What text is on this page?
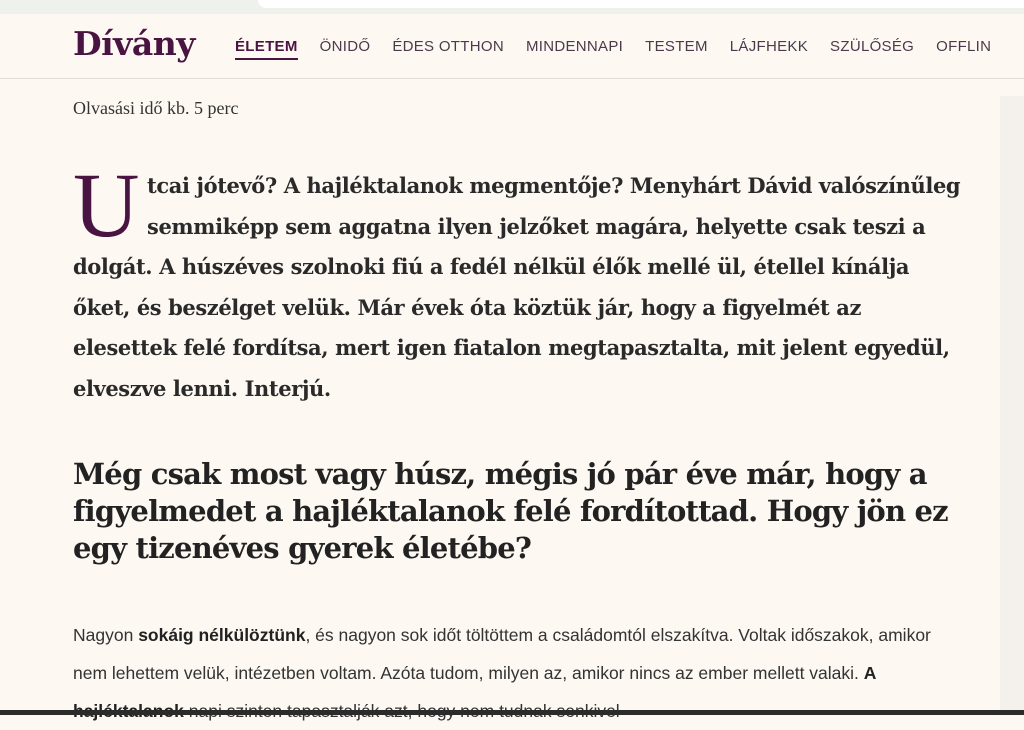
Dívány	ÉLETEM ÖNIDŐ ÉDES OTTHON MINDENNAPI TESTEM LÁJFHEKK SZÜLŐSÉG OFFLIN
Olvasási idő kb. 5 perc
Utcai jótevő? A hajléktalanok megmentője? Menyhárt Dávid valószínűleg semmiképp sem aggatna ilyen jelzőket magára, helyette csak teszi a dolgát. A húszéves szolnoki fiú a fedél nélkül élők mellé ül, étellel kínálja őket, és beszélget velük. Már évek óta köztük jár, hogy a figyelmét az elesettek felé fordítsa, mert igen fiatalon megtapasztalta, mit jelent egyedül, elveszve lenni. Interjú.
Még csak most vagy húsz, mégis jó pár éve már, hogy a figyelmedet a hajléktalanok felé fordítottad. Hogy jön ez egy tizenéves gyerek életébe?
Nagyon sokáig nélkülöztünk, és nagyon sok időt töltöttem a családomtól elszakítva. Voltak időszakok, amikor nem lehettem velük, intézetben voltam. Azóta tudom, milyen az, amikor nincs az ember mellett valaki. A
